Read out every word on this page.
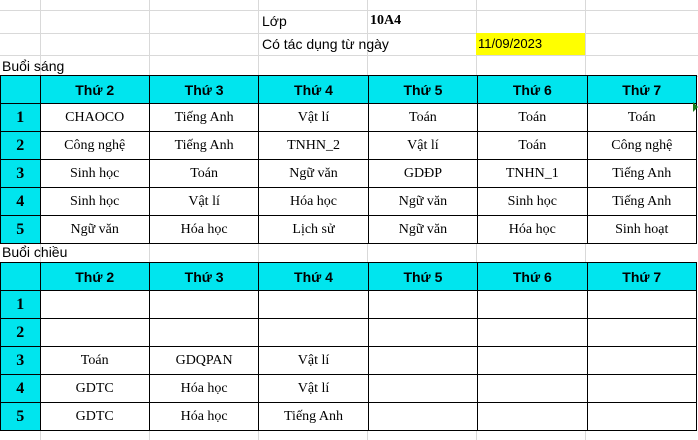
Lớp	10A4
Có tác dụng từ ngày	11/09/2023
Buổi sáng
	Thứ 2	Thứ 3	Thứ 4	Thứ 5	Thứ 6	Thứ 7
1	CHAOCO	Tiếng Anh	Vật lí	Toán	Toán	Toán
2	Công nghệ	Tiếng Anh	TNHN_2	Vật lí	Toán	Công nghệ
3	Sinh học	Toán	Ngữ văn	GDĐP	TNHN_1	Tiếng Anh
4	Sinh học	Vật lí	Hóa học	Ngữ văn	Sinh học	Tiếng Anh
5	Ngữ văn	Hóa học	Lịch sử	Ngữ văn	Hóa học	Sinh hoạt
Buổi chiều
	Thứ 2	Thứ 3	Thứ 4	Thứ 5	Thứ 6	Thứ 7
1						
2						
3	Toán	GDQPAN	Vật lí			
4	GDTC	Hóa học	Vật lí			
5	GDTC	Hóa học	Tiếng Anh			
